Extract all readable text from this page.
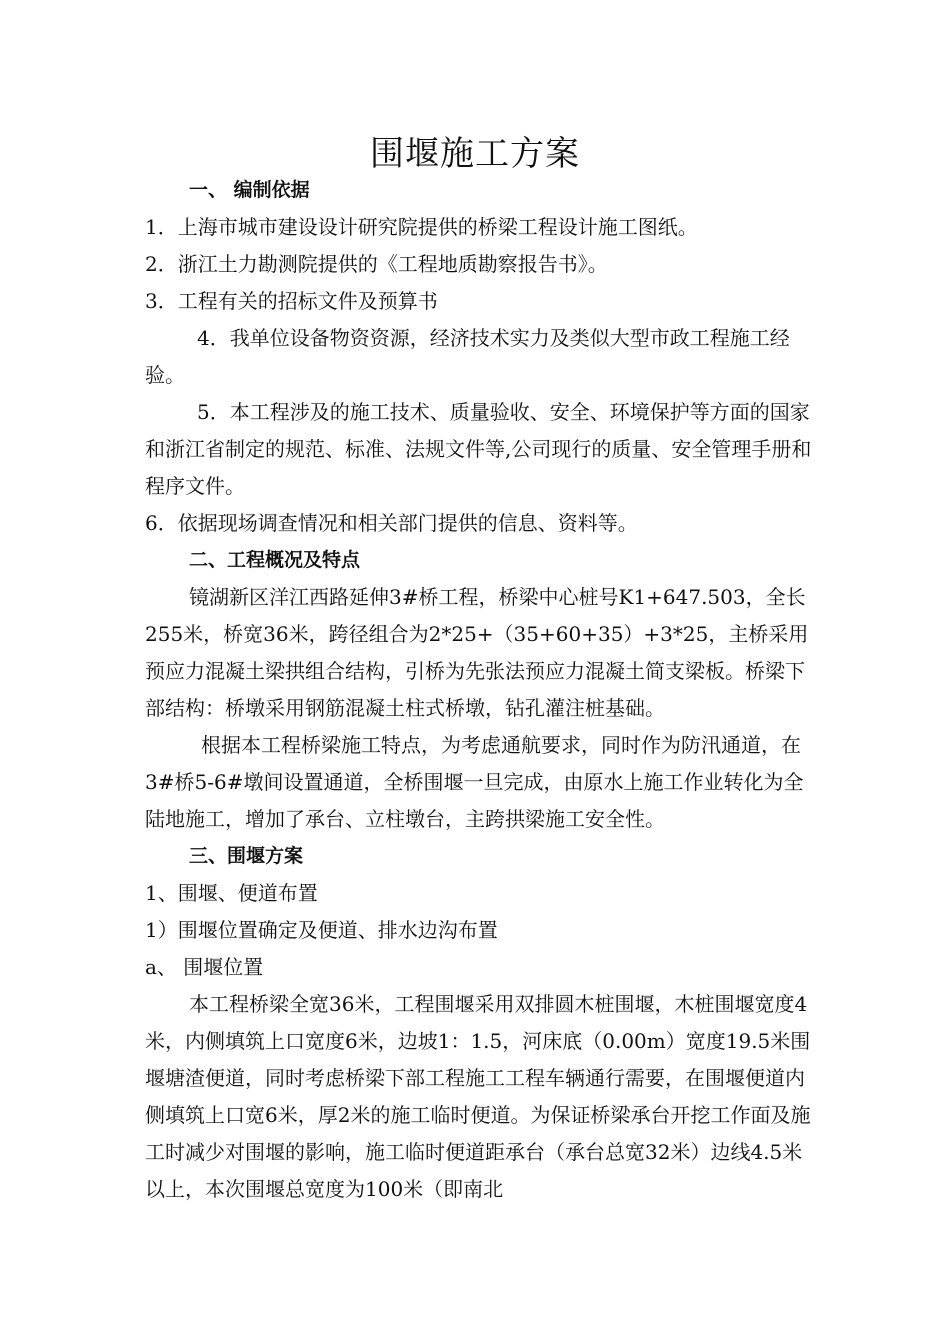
围堰施工方案

一、 编制依据

1．上海市城市建设设计研究院提供的桥梁工程设计施工图纸。

2．浙江土力勘测院提供的《工程地质勘察报告书》。

3．工程有关的招标文件及预算书

4．我单位设备物资资源，经济技术实力及类似大型市政工程施工经验。

5．本工程涉及的施工技术、质量验收、安全、环境保护等方面的国家和浙江省制定的规范、标准、法规文件等,公司现行的质量、安全管理手册和程序文件。

6．依据现场调查情况和相关部门提供的信息、资料等。

二、工程概况及特点

镜湖新区洋江西路延伸3#桥工程，桥梁中心桩号K1+647.503，全长255米，桥宽36米，跨径组合为2*25+（35+60+35）+3*25，主桥采用预应力混凝土梁拱组合结构，引桥为先张法预应力混凝土简支梁板。桥梁下部结构：桥墩采用钢筋混凝土柱式桥墩，钻孔灌注桩基础。

根据本工程桥梁施工特点，为考虑通航要求，同时作为防汛通道，在3#桥5-6#墩间设置通道，全桥围堰一旦完成，由原水上施工作业转化为全陆地施工，增加了承台、立柱墩台，主跨拱梁施工安全性。

三、围堰方案

1、围堰、便道布置

1）围堰位置确定及便道、排水边沟布置

a、 围堰位置

本工程桥梁全宽36米，工程围堰采用双排圆木桩围堰，木桩围堰宽度4米，内侧填筑上口宽度6米，边坡1：1.5，河床底（0.00m）宽度19.5米围堰塘渣便道，同时考虑桥梁下部工程施工工程车辆通行需要，在围堰便道内侧填筑上口宽6米，厚2米的施工临时便道。为保证桥梁承台开挖工作面及施工时减少对围堰的影响，施工临时便道距承台（承台总宽32米）边线4.5米以上，本次围堰总宽度为100米（即南北
